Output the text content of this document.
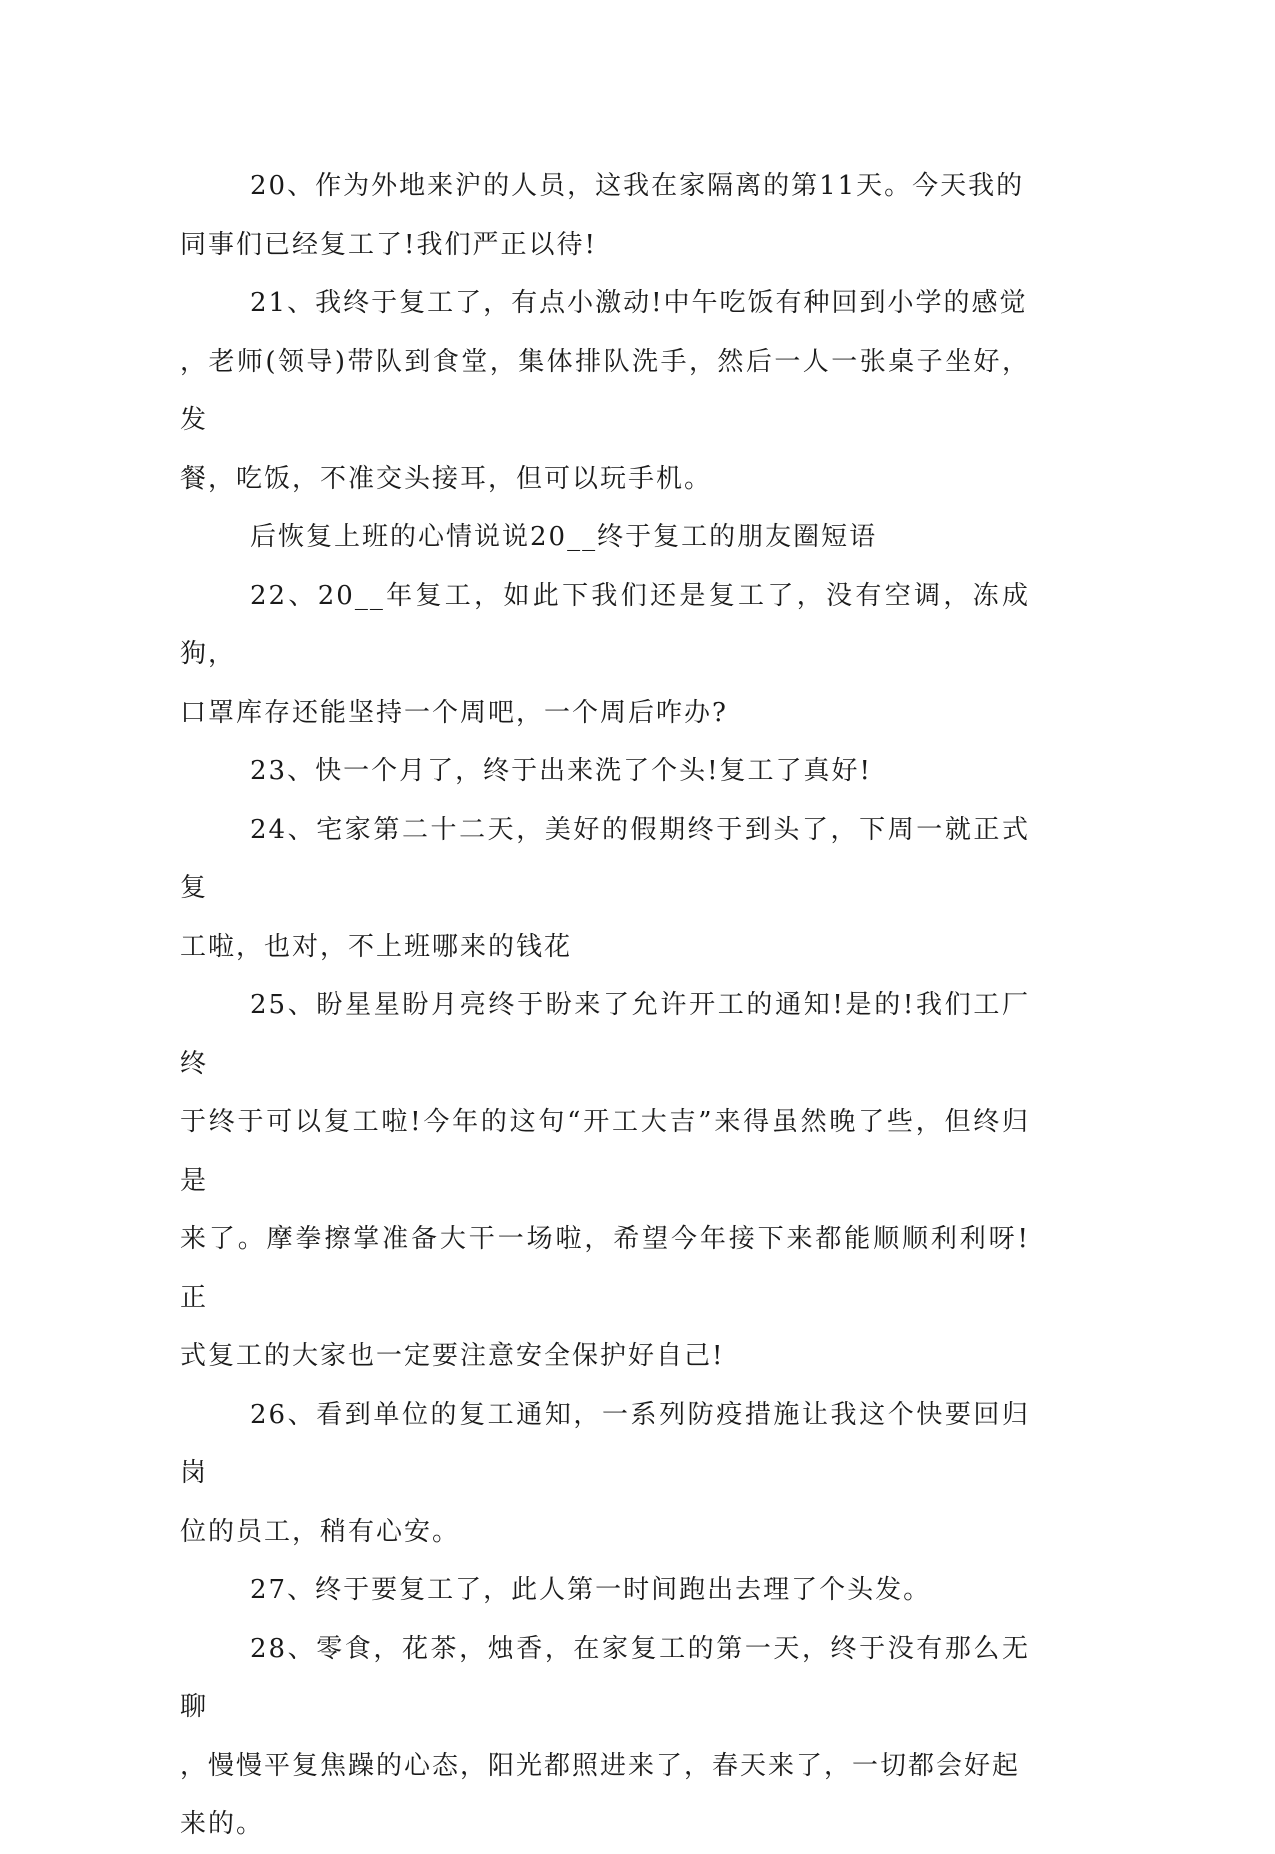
20、作为外地来沪的人员，这我在家隔离的第11天。今天我的
同事们已经复工了!我们严正以待!

21、我终于复工了，有点小激动!中午吃饭有种回到小学的感觉
，老师(领导)带队到食堂，集体排队洗手，然后一人一张桌子坐好，发
餐，吃饭，不准交头接耳，但可以玩手机。

后恢复上班的心情说说20__终于复工的朋友圈短语

22、20__年复工，如此下我们还是复工了，没有空调，冻成狗，
口罩库存还能坚持一个周吧，一个周后咋办?

23、快一个月了，终于出来洗了个头!复工了真好!

24、宅家第二十二天，美好的假期终于到头了，下周一就正式复
工啦，也对，不上班哪来的钱花

25、盼星星盼月亮终于盼来了允许开工的通知!是的!我们工厂终
于终于可以复工啦!今年的这句“开工大吉”来得虽然晚了些，但终归是
来了。摩拳擦掌准备大干一场啦，希望今年接下来都能顺顺利利呀!正
式复工的大家也一定要注意安全保护好自己!

26、看到单位的复工通知，一系列防疫措施让我这个快要回归岗
位的员工，稍有心安。

27、终于要复工了，此人第一时间跑出去理了个头发。

28、零食，花茶，烛香，在家复工的第一天，终于没有那么无聊
，慢慢平复焦躁的心态，阳光都照进来了，春天来了，一切都会好起
来的。
